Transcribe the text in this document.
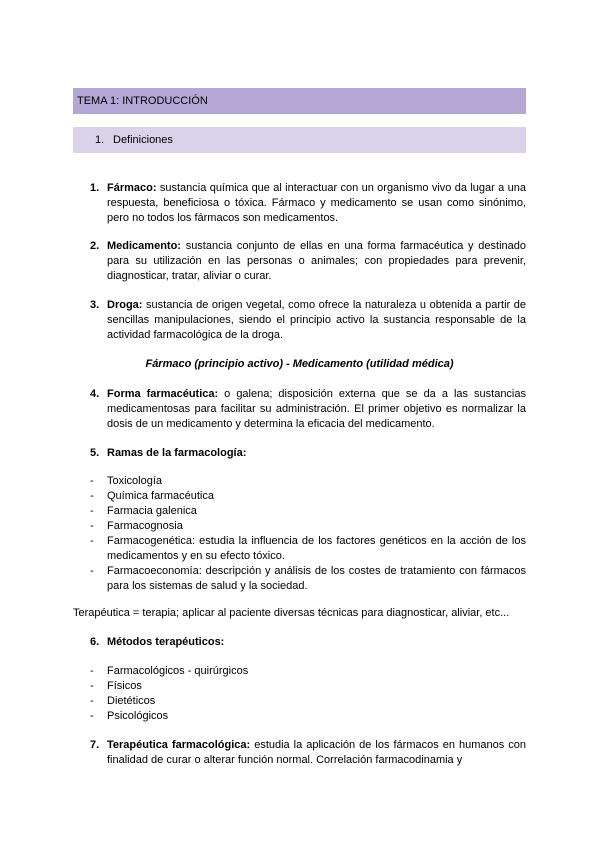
TEMA 1: INTRODUCCIÓN
1. Definiciones
1. Fármaco: sustancia química que al interactuar con un organismo vivo da lugar a una respuesta, beneficiosa o tóxica. Fármaco y medicamento se usan como sinónimo, pero no todos los fármacos son medicamentos.
2. Medicamento: sustancia conjunto de ellas en una forma farmacéutica y destinado para su utilización en las personas o animales; con propiedades para prevenir, diagnosticar, tratar, aliviar o curar.
3. Droga: sustancia de origen vegetal, como ofrece la naturaleza u obtenida a partir de sencillas manipulaciones, siendo el principio activo la sustancia responsable de la actividad farmacológica de la droga.
Fármaco (principio activo) - Medicamento (utilidad médica)
4. Forma farmacéutica: o galena; disposición externa que se da a las sustancias medicamentosas para facilitar su administración. El primer objetivo es normalizar la dosis de un medicamento y determina la eficacia del medicamento.
5. Ramas de la farmacología:
- Toxicología
- Química farmacéutica
- Farmacia galenica
- Farmacognosia
- Farmacogenética: estudia la influencia de los factores genéticos en la acción de los medicamentos y en su efecto tóxico.
- Farmacoeconomía: descripción y análisis de los costes de tratamiento con fármacos para los sistemas de salud y la sociedad.
Terapéutica = terapia; aplicar al paciente diversas técnicas para diagnosticar, aliviar, etc...
6. Métodos terapéuticos:
- Farmacológicos - quirúrgicos
- Físicos
- Dietéticos
- Psicológicos
7. Terapéutica farmacológica: estudia la aplicación de los fármacos en humanos con finalidad de curar o alterar función normal. Correlación farmacodinamia y
